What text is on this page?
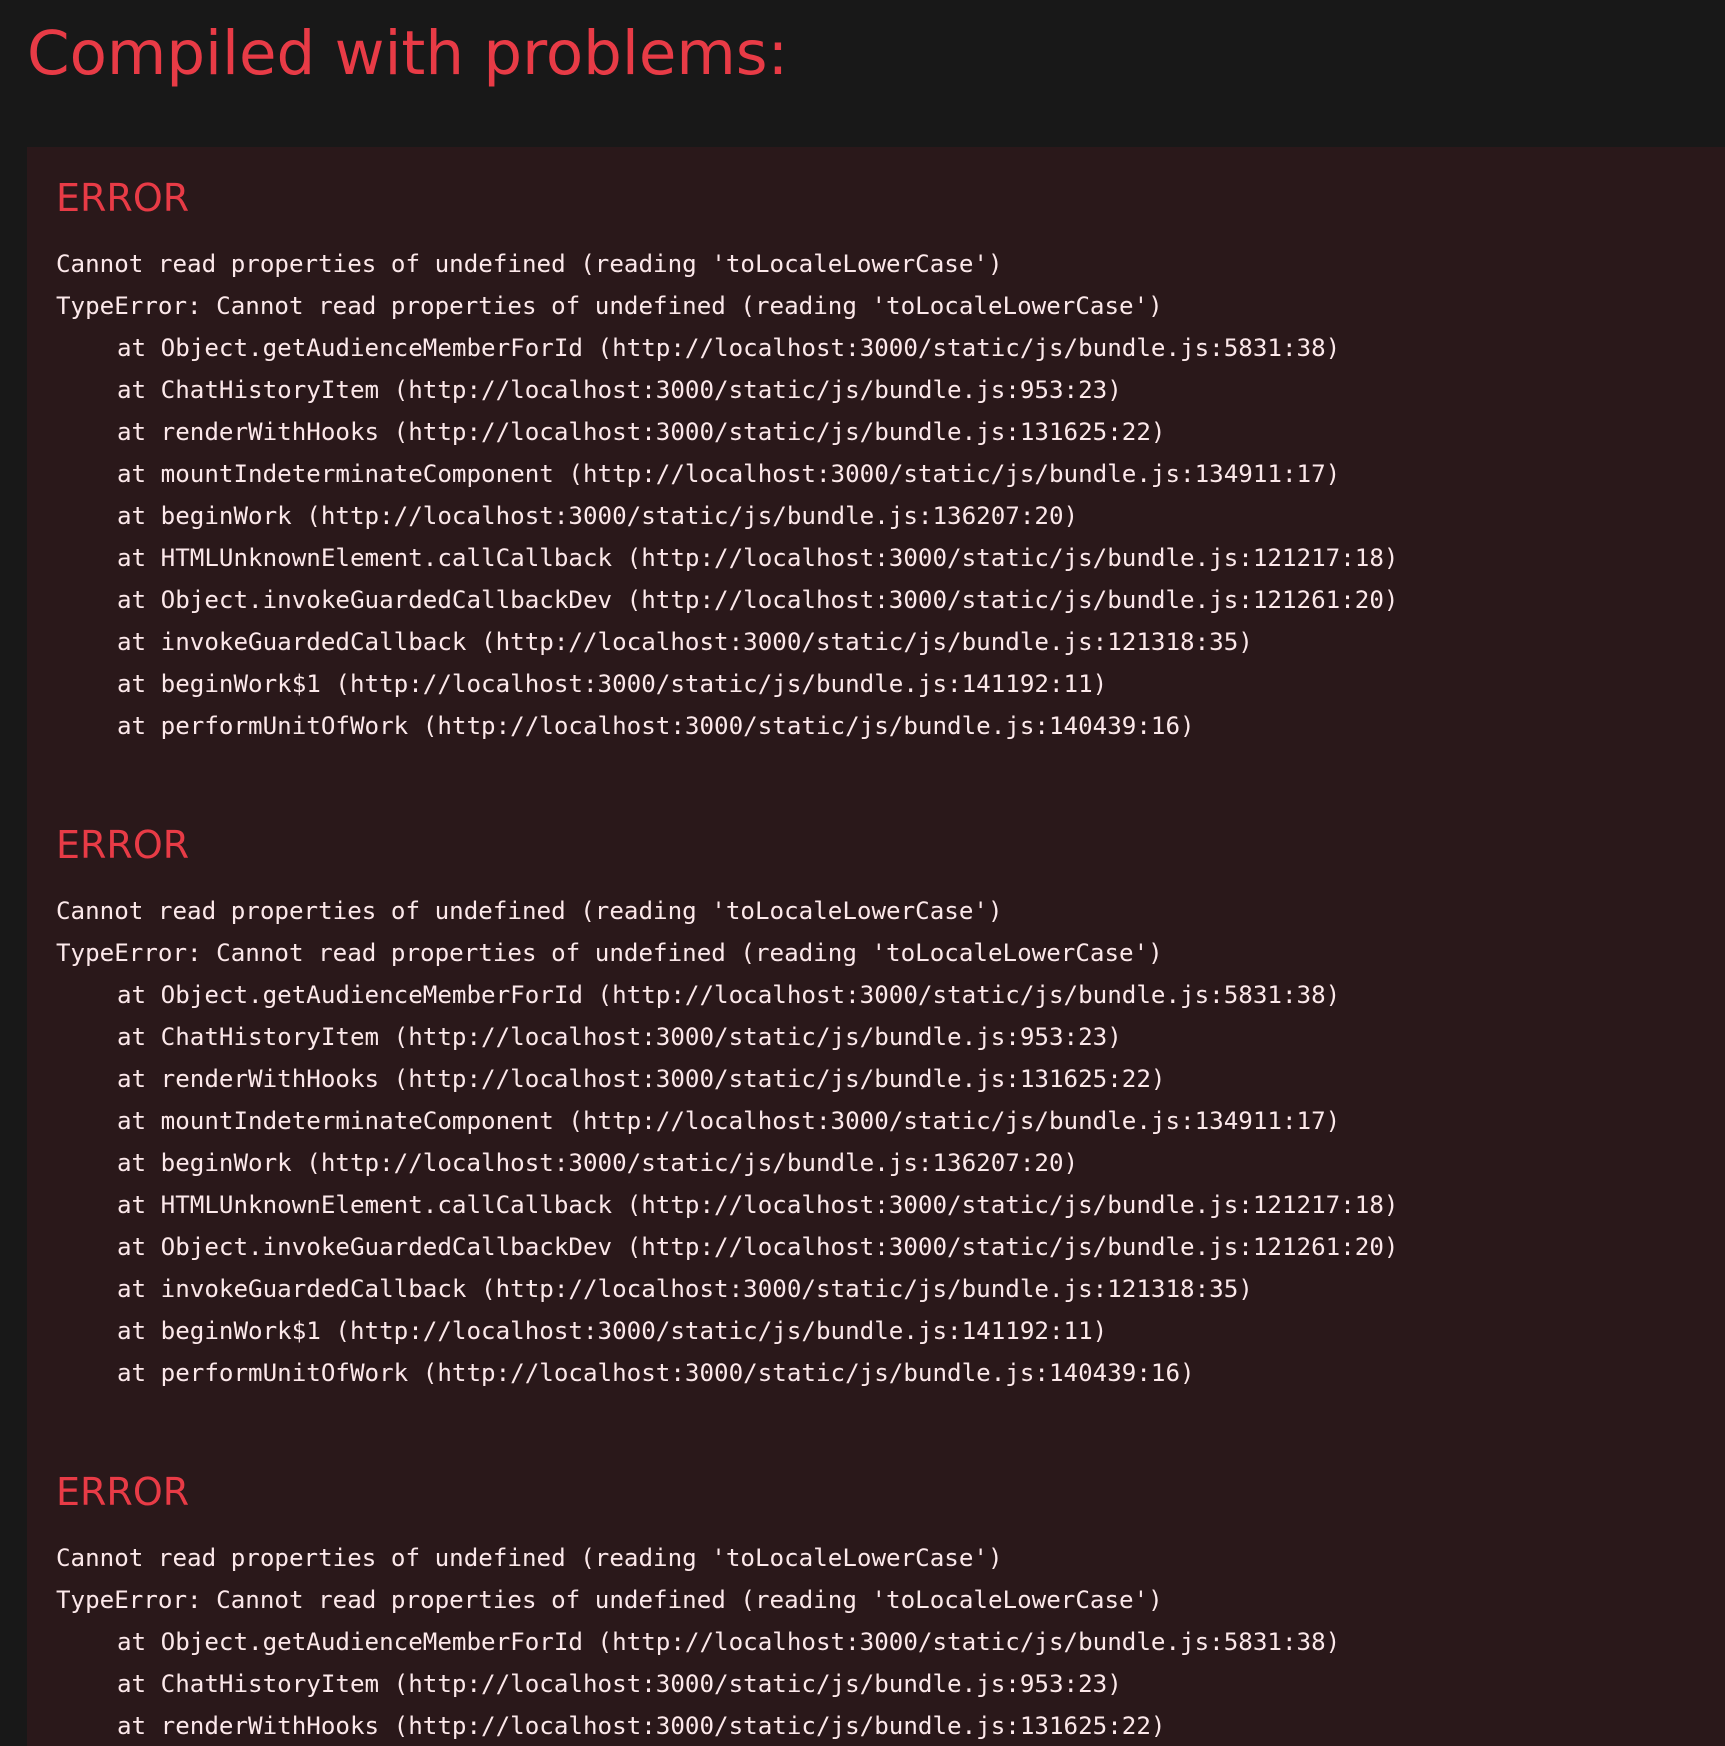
Compiled with problems:
ERROR
Cannot read properties of undefined (reading 'toLocaleLowerCase')
TypeError: Cannot read properties of undefined (reading 'toLocaleLowerCase')
at Object.getAudienceMemberForId (http://localhost:3000/static/js/bundle.js:5831:38)
at ChatHistoryItem (http://localhost:3000/static/js/bundle.js:953:23)
at renderWithHooks (http://localhost:3000/static/js/bundle.js:131625:22)
at mountIndeterminateComponent (http://localhost:3000/static/js/bundle.js:134911:17)
at beginWork (http://localhost:3000/static/js/bundle.js:136207:20)
at HTMLUnknownElement.callCallback (http://localhost:3000/static/js/bundle.js:121217:18)
at Object.invokeGuardedCallbackDev (http://localhost:3000/static/js/bundle.js:121261:20)
at invokeGuardedCallback (http://localhost:3000/static/js/bundle.js:121318:35)
at beginWork$1 (http://localhost:3000/static/js/bundle.js:141192:11)
at performUnitOfWork (http://localhost:3000/static/js/bundle.js:140439:16)
ERROR
Cannot read properties of undefined (reading 'toLocaleLowerCase')
TypeError: Cannot read properties of undefined (reading 'toLocaleLowerCase')
at Object.getAudienceMemberForId (http://localhost:3000/static/js/bundle.js:5831:38)
at ChatHistoryItem (http://localhost:3000/static/js/bundle.js:953:23)
at renderWithHooks (http://localhost:3000/static/js/bundle.js:131625:22)
at mountIndeterminateComponent (http://localhost:3000/static/js/bundle.js:134911:17)
at beginWork (http://localhost:3000/static/js/bundle.js:136207:20)
at HTMLUnknownElement.callCallback (http://localhost:3000/static/js/bundle.js:121217:18)
at Object.invokeGuardedCallbackDev (http://localhost:3000/static/js/bundle.js:121261:20)
at invokeGuardedCallback (http://localhost:3000/static/js/bundle.js:121318:35)
at beginWork$1 (http://localhost:3000/static/js/bundle.js:141192:11)
at performUnitOfWork (http://localhost:3000/static/js/bundle.js:140439:16)
ERROR
Cannot read properties of undefined (reading 'toLocaleLowerCase')
TypeError: Cannot read properties of undefined (reading 'toLocaleLowerCase')
at Object.getAudienceMemberForId (http://localhost:3000/static/js/bundle.js:5831:38)
at ChatHistoryItem (http://localhost:3000/static/js/bundle.js:953:23)
at renderWithHooks (http://localhost:3000/static/js/bundle.js:131625:22)
